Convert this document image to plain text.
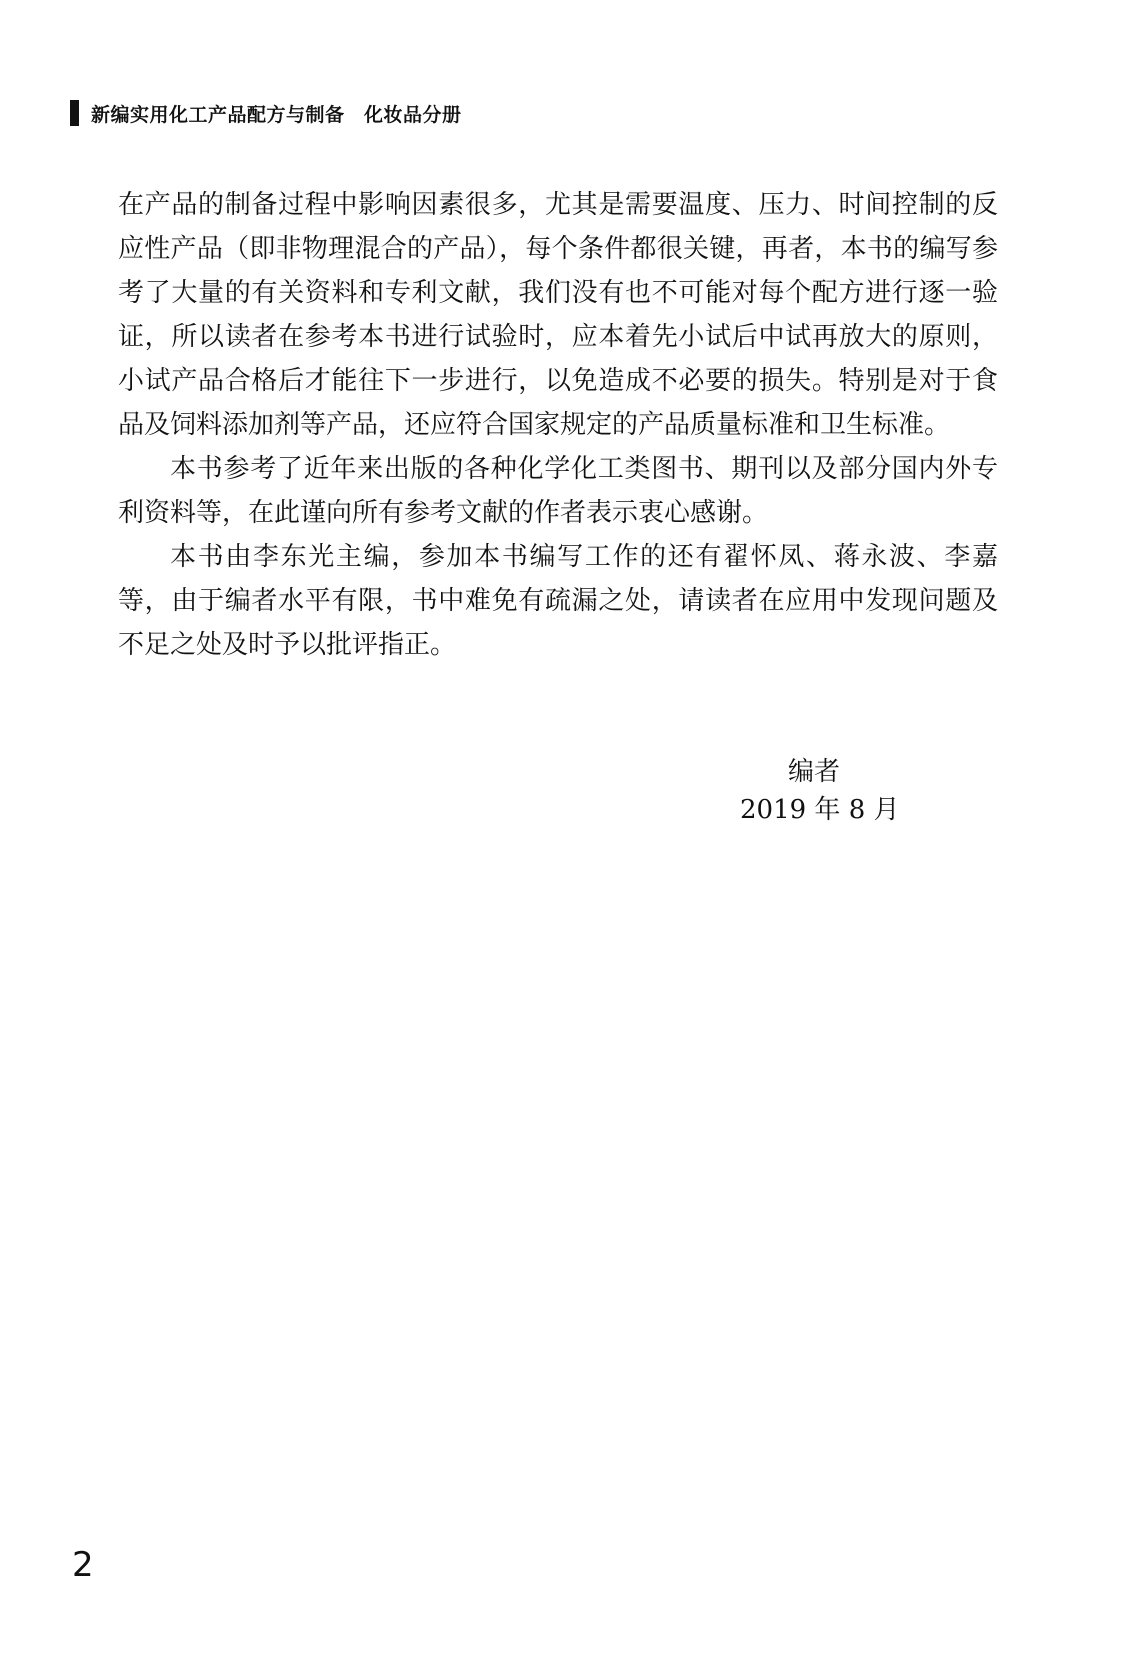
新编实用化工产品配方与制备　化妆品分册

在产品的制备过程中影响因素很多，尤其是需要温度、压力、时间控制的反应性产品（即非物理混合的产品），每个条件都很关键，再者，本书的编写参考了大量的有关资料和专利文献，我们没有也不可能对每个配方进行逐一验证，所以读者在参考本书进行试验时，应本着先小试后中试再放大的原则，小试产品合格后才能往下一步进行，以免造成不必要的损失。特别是对于食品及饲料添加剂等产品，还应符合国家规定的产品质量标准和卫生标准。

本书参考了近年来出版的各种化学化工类图书、期刊以及部分国内外专利资料等，在此谨向所有参考文献的作者表示衷心感谢。

本书由李东光主编，参加本书编写工作的还有翟怀凤、蒋永波、李嘉等，由于编者水平有限，书中难免有疏漏之处，请读者在应用中发现问题及不足之处及时予以批评指正。

编者
2019 年 8 月
2
